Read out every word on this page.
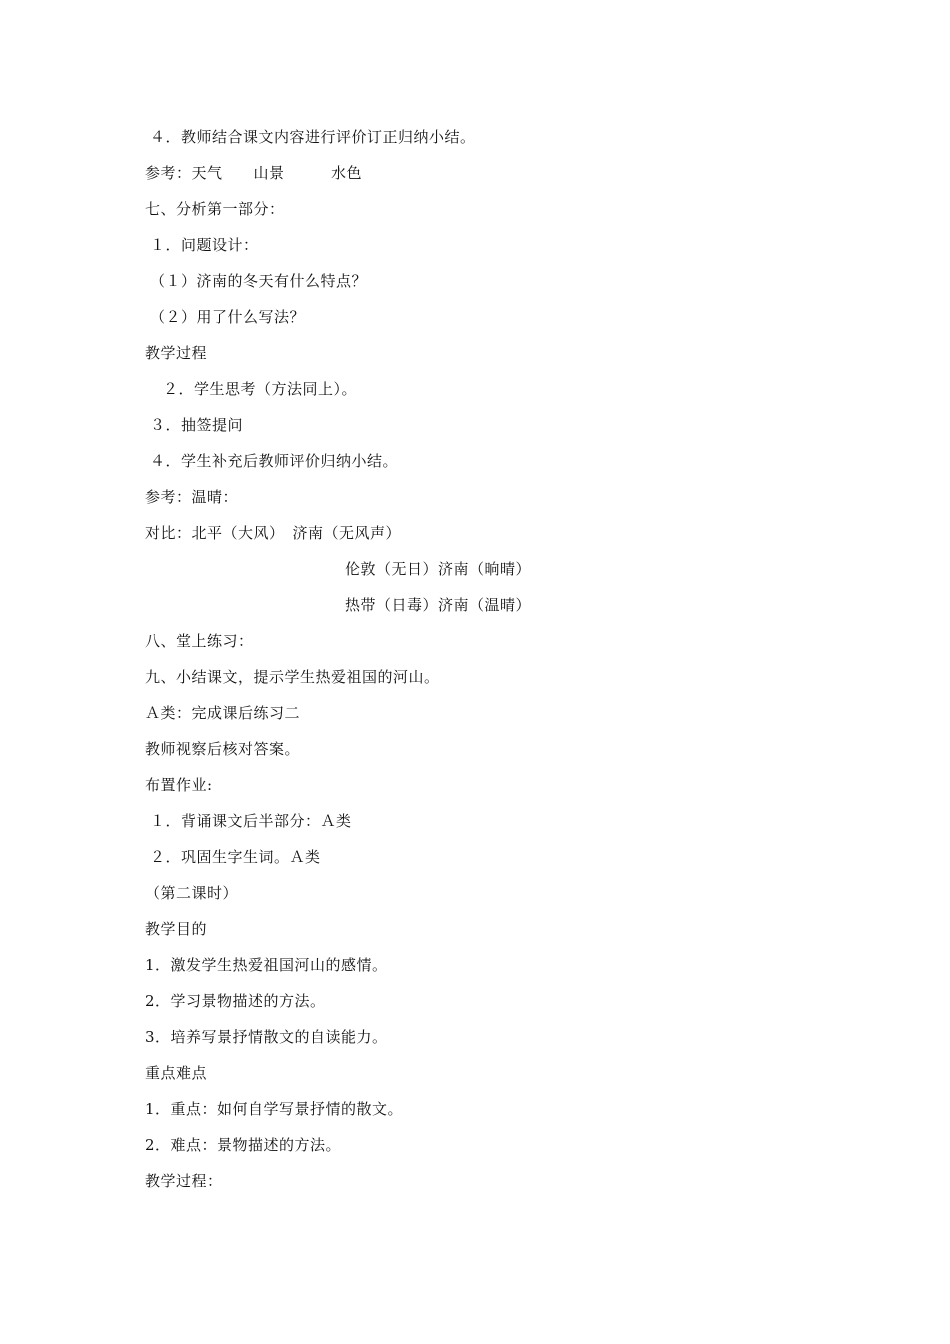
４．教师结合课文内容进行评价订正归纳小结。
参考：天气　　山景　　　水色
七、分析第一部分：
１．问题设计：
（１）济南的冬天有什么特点？
（２）用了什么写法？
教学过程
２．学生思考（方法同上）。
３．抽签提问
４．学生补充后教师评价归纳小结。
参考：温晴：
对比：北平（大风）　济南（无风声）
伦敦（无日）济南（晌晴）
热带（日毒）济南（温晴）
八、堂上练习：
九、小结课文，提示学生热爱祖国的河山。
Ａ类：完成课后练习二
教师视察后核对答案。
布置作业:
１．背诵课文后半部分：Ａ类
２．巩固生字生词。Ａ类
（第二课时）
教学目的
1．激发学生热爱祖国河山的感情。
2．学习景物描述的方法。
3．培养写景抒情散文的自读能力。
重点难点
1．重点：如何自学写景抒情的散文。
2．难点：景物描述的方法。
教学过程：
